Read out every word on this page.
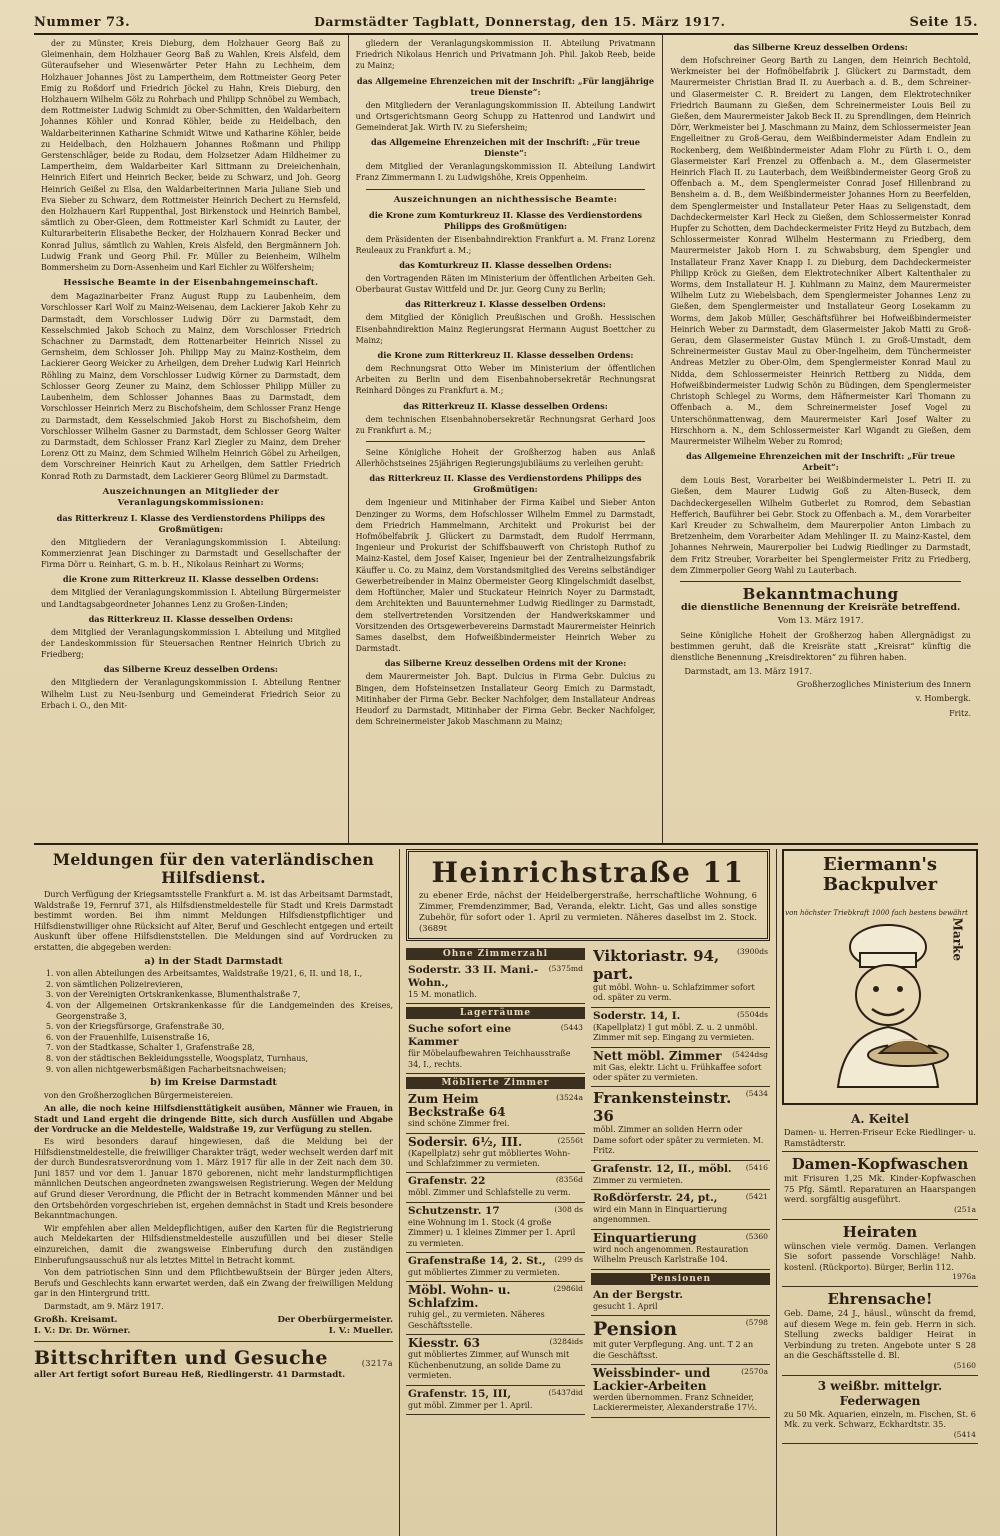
Nummer 73.	Darmstädter Tagblatt, Donnerstag, den 15. März 1917.	Seite 15.

der zu Münster, Kreis Dieburg, dem Holzhauer Georg Baß zu Gleimenhain, dem Holzhauer Georg Baß zu Wahlen, Kreis Alsfeld, dem Güteraufseher und Wiesenwärter Peter Hahn zu Lechheim, dem Holzhauer Johannes Jöst zu Lampertheim, dem Rottmeister Georg Peter Emig zu Roßdorf und Friedrich Jöckel zu Hahn, Kreis Dieburg, den Holzhauern Wilhelm Gölz zu Rohrbach und Philipp Schnöbel zu Wembach, dem Rottmeister Ludwig Schmidt zu Ober-Schmitten, den Waldarbeitern Johannes Köhler und Konrad Köhler, beide zu Heidelbach, den Waldarbeiterinnen Katharine Schmidt Witwe und Katharine Köhler, beide zu Heidelbach, den Holzhauern Johannes Roßmann und Philipp Gerstenschläger, beide zu Rodau, dem Holzsetzer Adam Hildheimer zu Lampertheim, dem Waldarbeiter Karl Sittmann zu Dreieichenhain, Heinrich Eifert und Heinrich Becker, beide zu Schwarz, und Joh. Georg Heinrich Geißel zu Elsa, den Waldarbeiterinnen Maria Juliane Sieb und Eva Sieber zu Schwarz, dem Rottmeister Heinrich Dechert zu Hernsfeld, den Holzhauern Karl Ruppenthal, Jost Birkenstock und Heinrich Bambel, sämtlich zu Ober-Gleen, dem Rottmeister Karl Schmidt zu Lauter, der Kulturarbeiterin Elisabethe Becker, der Holzhauern Konrad Becker und Konrad Julius, sämtlich zu Wahlen, Kreis Alsfeld, den Bergmännern Joh. Ludwig Frank und Georg Phil. Fr. Müller zu Beienheim, Wilhelm Bommersheim zu Dorn-Assenheim und Karl Eichler zu Wölfersheim;

Hessische Beamte in der Eisenbahngemeinschaft.

dem Magazinarbeiter Franz August Rupp zu Laubenheim, dem Vorschlosser Karl Wolf zu Mainz-Weisenau, dem Lackierer Jakob Kehr zu Darmstadt, dem Vorschlosser Ludwig Dörr zu Darmstadt, dem Kesselschmied Jakob Schoch zu Mainz, dem Vorschlosser Friedrich Schachner zu Darmstadt, dem Rottenarbeiter Heinrich Nissel zu Gernsheim, dem Schlosser Joh. Philipp May zu Mainz-Kostheim, dem Lackierer Georg Weicker zu Arheilgen, dem Dreher Ludwig Karl Heinrich Röhling zu Mainz, dem Vorschlosser Ludwig Körner zu Darmstadt, dem Schlosser Georg Zeuner zu Mainz, dem Schlosser Philipp Müller zu Laubenheim, dem Schlosser Johannes Baas zu Darmstadt, dem Vorschlosser Heinrich Merz zu Bischofsheim, dem Schlosser Franz Henge zu Darmstadt, dem Kesselschmied Jakob Horst zu Bischofsheim, dem Vorschlosser Wilhelm Gasner zu Darmstadt, dem Schlosser Georg Walter zu Darmstadt, dem Schlosser Franz Karl Ziegler zu Mainz, dem Dreher Lorenz Ott zu Mainz, dem Schmied Wilhelm Heinrich Göbel zu Arheilgen, dem Vorschreiner Heinrich Kaut zu Arheilgen, dem Sattler Friedrich Konrad Roth zu Darmstadt, dem Lackierer Georg Blümel zu Darmstadt.

Auszeichnungen an Mitglieder der Veranlagungskommissionen:
das Ritterkreuz I. Klasse des Verdienstordens Philipps des Großmütigen:

den Mitgliedern der Veranlagungskommission I. Abteilung: Kommerzienrat Jean Dischinger zu Darmstadt und Gesellschafter der Firma Dörr u. Reinhart, G. m. b. H., Nikolaus Reinhart zu Worms;

die Krone zum Ritterkreuz II. Klasse desselben Ordens:

dem Mitglied der Veranlagungskommission I. Abteilung Bürgermeister und Landtagsabgeordneter Johannes Lenz zu Großen-Linden;

das Ritterkreuz II. Klasse desselben Ordens:

dem Mitglied der Veranlagungskommission I. Abteilung und Mitglied der Landeskommission für Steuersachen Rentner Heinrich Ubrich zu Friedberg;

das Silberne Kreuz desselben Ordens:

den Mitgliedern der Veranlagungskommission I. Abteilung Rentner Wilhelm Lust zu Neu-Isenburg und Gemeinderat Friedrich Seior zu Erbach i. O., den Mit-

gliedern der Veranlagungskommission II. Abteilung Privatmann Friedrich Nikolaus Henrich und Privatmann Joh. Phil. Jakob Reeb, beide zu Mainz;

das Allgemeine Ehrenzeichen mit der Inschrift: „Für langjährige treue Dienste“:

den Mitgliedern der Veranlagungskommission II. Abteilung Landwirt und Ortsgerichtsmann Georg Schupp zu Hattenrod und Landwirt und Gemeinderat Jak. Wirth IV. zu Siefersheim;

das Allgemeine Ehrenzeichen mit der Inschrift: „Für treue Dienste“:

dem Mitglied der Veranlagungskommission II. Abteilung Landwirt Franz Zimmermann I. zu Ludwigshöhe, Kreis Oppenheim.

Auszeichnungen an nichthessische Beamte:
die Krone zum Komturkreuz II. Klasse des Verdienstordens Philipps des Großmütigen:

dem Präsidenten der Eisenbahndirektion Frankfurt a. M. Franz Lorenz Reuleaux zu Frankfurt a. M.;

das Komturkreuz II. Klasse desselben Ordens:

den Vortragenden Räten im Ministerium der öffentlichen Arbeiten Geh. Oberbaurat Gustav Wittfeld und Dr. jur. Georg Cuny zu Berlin;

das Ritterkreuz I. Klasse desselben Ordens:

dem Mitglied der Königlich Preußischen und Großh. Hessischen Eisenbahndirektion Mainz Regierungsrat Hermann August Boettcher zu Mainz;

die Krone zum Ritterkreuz II. Klasse desselben Ordens:

dem Rechnungsrat Otto Weber im Ministerium der öffentlichen Arbeiten zu Berlin und dem Eisenbahnobersekretär Rechnungsrat Reinhard Dönges zu Frankfurt a. M.;

das Ritterkreuz II. Klasse desselben Ordens:

dem technischen Eisenbahnobersekretär Rechnungsrat Gerhard Joos zu Frankfurt a. M.;

Seine Königliche Hoheit der Großherzog haben aus Anlaß Allerhöchstseines 25jährigen Regierungsjubiläums zu verleihen geruht:

das Ritterkreuz II. Klasse des Verdienstordens Philipps des Großmütigen:

dem Ingenieur und Mitinhaber der Firma Kaibel und Sieber Anton Denzinger zu Worms, dem Hofschlosser Wilhelm Emmel zu Darmstadt, dem Friedrich Hammelmann, Architekt und Prokurist bei der Hofmöbelfabrik J. Glückert zu Darmstadt, dem Rudolf Herrmann, Ingenieur und Prokurist der Schiffsbauwerft von Christoph Ruthof zu Mainz-Kastel, dem Josef Kaiser, Ingenieur bei der Zentralheizungsfabrik Käuffer u. Co. zu Mainz, dem Vorstandsmitglied des Vereins selbständiger Gewerbetreibender in Mainz Obermeister Georg Klingelschmidt daselbst, dem Hoftüncher, Maler und Stuckateur Heinrich Noyer zu Darmstadt, dem Architekten und Bauunternehmer Ludwig Riedlinger zu Darmstadt, dem stellvertretenden Vorsitzenden der Handwerkskammer und Vorsitzenden des Ortsgewerbevereins Darmstadt Maurermeister Heinrich Sames daselbst, dem Hofweißbindermeister Heinrich Weber zu Darmstadt.

das Silberne Kreuz desselben Ordens mit der Krone:

dem Maurermeister Joh. Bapt. Dulcius in Firma Gebr. Dulcius zu Bingen, dem Hofsteinsetzen Installateur Georg Emich zu Darmstadt, Mitinhaber der Firma Gebr. Becker Nachfolger, dem Installateur Andreas Heudorf zu Darmstadt, Mitinhaber der Firma Gebr. Becker Nachfolger, dem Schreinermeister Jakob Maschmann zu Mainz;

das Silberne Kreuz desselben Ordens:

dem Hofschreiner Georg Barth zu Langen, dem Heinrich Bechtold, Werkmeister bei der Hofmöbelfabrik J. Glückert zu Darmstadt, dem Maurermeister Christian Brad II. zu Auerbach a. d. B., dem Schreiner- und Glasermeister C. R. Breidert zu Langen, dem Elektrotechniker Friedrich Baumann zu Gießen, dem Schreinermeister Louis Beil zu Gießen, dem Maurermeister Jakob Beck II. zu Sprendlingen, dem Heinrich Dörr, Werkmeister bei J. Maschmann zu Mainz, dem Schlossermeister Jean Engelleitner zu Groß-Gerau, dem Weißbindermeister Adam Endlein zu Rockenberg, dem Weißbindermeister Adam Flohr zu Fürth i. O., dem Glasermeister Karl Frenzel zu Offenbach a. M., dem Glasermeister Heinrich Flach II. zu Lauterbach, dem Weißbindermeister Georg Groß zu Offenbach a. M., dem Spenglermeister Conrad Josef Hillenbrand zu Bensheim a. d. B., dem Weißbindermeister Johannes Horn zu Beerfelden, dem Spenglermeister und Installateur Peter Haas zu Seligenstadt, dem Dachdeckermeister Karl Heck zu Gießen, dem Schlossermeister Konrad Hupfer zu Schotten, dem Dachdeckermeister Fritz Heyd zu Butzbach, dem Schlossermeister Konrad Wilhelm Hestermann zu Friedberg, dem Maurermeister Jakob Horn I. zu Schwabsburg, dem Spengler und Installateur Franz Xaver Knapp I. zu Dieburg, dem Dachdeckermeister Philipp Kröck zu Gießen, dem Elektrotechniker Albert Kaltenthaler zu Worms, dem Installateur H. J. Kuhlmann zu Mainz, dem Maurermeister Wilhelm Lutz zu Wiebelsbach, dem Spenglermeister Johannes Lenz zu Gießen, dem Spenglermeister und Installateur Georg Losekamm zu Worms, dem Jakob Müller, Geschäftsführer bei Hofweißbindermeister Heinrich Weber zu Darmstadt, dem Glasermeister Jakob Matti zu Groß-Gerau, dem Glasermeister Gustav Münch I. zu Groß-Umstadt, dem Schreinermeister Gustav Maul zu Ober-Ingelheim, dem Tünchermeister Andreas Metzler zu Ober-Olm, dem Spenglermeister Konrad Maul zu Nidda, dem Schlossermeister Heinrich Rettberg zu Nidda, dem Hofweißbindermeister Ludwig Schön zu Büdingen, dem Spenglermeister Christoph Schlegel zu Worms, dem Häfnermeister Karl Thomann zu Offenbach a. M., dem Schreinermeister Josef Vogel zu Unterschönmattenwag, dem Maurermeister Karl Josef Walter zu Hirschhorn a. N., dem Schlossermeister Karl Wigandt zu Gießen, dem Maurermeister Wilhelm Weber zu Romrod;

das Allgemeine Ehrenzeichen mit der Inschrift: „Für treue Arbeit“:

dem Louis Best, Vorarbeiter bei Weißbindermeister L. Petri II. zu Gießen, dem Maurer Ludwig Goß zu Alten-Buseck, dem Dachdeckergesellen Wilhelm Gutberlet zu Romrod, dem Sebastian Hefferich, Bauführer bei Gebr. Stock zu Offenbach a. M., dem Vorarbeiter Karl Kreuder zu Schwalheim, dem Maurerpolier Anton Limbach zu Bretzenheim, dem Vorarbeiter Adam Mehlinger II. zu Mainz-Kastel, dem Johannes Nehrwein, Maurerpolier bei Ludwig Riedlinger zu Darmstadt, dem Fritz Streuber, Vorarbeiter bei Spenglermeister Fritz zu Friedberg, dem Zimmerpolier Georg Wahl zu Lauterbach.

Bekanntmachung
die dienstliche Benennung der Kreisräte betreffend.
Vom 13. März 1917.

Seine Königliche Hoheit der Großherzog haben Allergnädigst zu bestimmen geruht, daß die Kreisräte statt „Kreisrat“ künftig die dienstliche Benennung „Kreisdirektoren“ zu führen haben.

Darmstadt, am 13. März 1917.
Großherzogliches Ministerium des Innern
v. Hombergk.
Fritz.
Meldungen für den vaterländischen Hilfsdienst.

Durch Verfügung der Kriegsamtsstelle Frankfurt a. M. ist das Arbeitsamt Darmstadt, Waldstraße 19, Fernruf 371, als Hilfsdienstmeldestelle für Stadt und Kreis Darmstadt bestimmt worden. Bei ihm nimmt Meldungen Hilfsdienstpflichtiger und Hilfsdienstwilliger ohne Rücksicht auf Alter, Beruf und Geschlecht entgegen und erteilt Auskunft über offene Hilfsdienststellen. Die Meldungen sind auf Vordrucken zu erstatten, die abgegeben werden:

a) in der Stadt Darmstadt
1. von allen Abteilungen des Arbeitsamtes, Waldstraße 19/21, 6, II. und 18, I.,
2. von sämtlichen Polizeirevieren,
3. von der Vereinigten Ortskrankenkasse, Blumenthalstraße 7,
4. von der Allgemeinen Ortskrankenkasse für die Landgemeinden des Kreises, Georgenstraße 3,
5. von der Kriegsfürsorge, Grafenstraße 30,
6. von der Frauenhilfe, Luisenstraße 16,
7. von der Stadtkasse, Schalter 1, Grafenstraße 28,
8. von der städtischen Bekleidungsstelle, Woogsplatz, Turnhaus,
9. von allen nichtgewerbsmäßigen Facharbeitsnachweisen;
b) im Kreise Darmstadt

von den Großherzoglichen Bürgermeistereien.

An alle, die noch keine Hilfsdiensttätigkeit ausüben, Männer wie Frauen, in Stadt und Land ergeht die dringende Bitte, sich durch Ausfüllen und Abgabe der Vordrucke an die Meldestelle, Waldstraße 19, zur Verfügung zu stellen.

Es wird besonders darauf hingewiesen, daß die Meldung bei der Hilfsdienstmeldestelle, die freiwilliger Charakter trägt, weder wechselt werden darf mit der durch Bundesratsverordnung vom 1. März 1917 für alle in der Zeit nach dem 30. Juni 1857 und vor dem 1. Januar 1870 geborenen, nicht mehr landsturmpflichtigen männlichen Deutschen angeordneten zwangsweisen Registrierung. Wegen der Meldung auf Grund dieser Verordnung, die Pflicht der in Betracht kommenden Männer und bei den Ortsbehörden vorgeschrieben ist, ergehen demnächst in Stadt und Kreis besondere Bekanntmachungen.

Wir empfehlen aber allen Meldepflichtigen, außer den Karten für die Registrierung auch Meldekarten der Hilfsdienstmeldestelle auszufüllen und bei dieser Stelle einzureichen, damit die zwangsweise Einberufung durch den zuständigen Einberufungsausschuß nur als letztes Mittel in Betracht kommt.

Von dem patriotischen Sinn und dem Pflichtbewußtsein der Bürger jeden Alters, Berufs und Geschlechts kann erwartet werden, daß ein Zwang der freiwilligen Meldung gar in den Hintergrund tritt.

Darmstadt, am 9. März 1917.

Großh. Kreisamt.	Der Oberbürgermeister.
I. V.: Dr. Dr. Wörner.	I. V.: Mueller.
Bittschriften und Gesuche	(3217a
aller Art fertigt sofort Bureau Heß, Riedlingerstr. 41 Darmstadt.
Heinrichstraße 11
zu ebener Erde, nächst der Heidelbergerstraße, herrschaftliche Wohnung, 6 Zimmer, Fremdenzimmer, Bad, Veranda, elektr. Licht, Gas und alles sonstige Zubehör, für sofort oder 1. April zu vermieten. Näheres daselbst im 2. Stock. (3689t
Ohne Zimmerzahl
(5375md
Soderstr. 33 II. Mani.-Wohn.,
15 M. monatlich.
Lagerräume
(5443
Suche sofort eine Kammer
für Möbelaufbewahren Teichhausstraße 34, I., rechts.
Möblierte Zimmer
(3524a
Zum Heim Beckstraße 64
sind schöne Zimmer frei.
(2556t
Sodersir. 6½, III.
(Kapellplatz) sehr gut möbliertes Wohn- und Schlafzimmer zu vermieten.
(8356d
Grafenstr. 22
möbl. Zimmer und Schlafstelle zu verm.
(308 ds
Schutzenstr. 17
eine Wohnung im 1. Stock (4 große Zimmer) u. 1 kleines Zimmer per 1. April zu vermieten.
(299 ds
Grafenstraße 14, 2. St.,
gut möbliertes Zimmer zu vermieten.
(2986ld
Möbl. Wohn- u. Schlafzim.
ruhig gel., zu vermieten. Näheres Geschäftsstelle.
(3284ids
Kiesstr. 63
gut möbliertes Zimmer, auf Wunsch mit Küchenbenutzung, an solide Dame zu vermieten.
(5437did
Grafenstr. 15, III,
gut möbl. Zimmer per 1. April.
(3900ds
Viktoriastr. 94, part.
gut möbl. Wohn- u. Schlafzimmer sofort od. später zu verm.
(5504ds
Soderstr. 14, I.
(Kapellplatz) 1 gut möbl. Z. u. 2 unmöbl. Zimmer mit sep. Eingang zu vermieten.
(5424dsg
Nett möbl. Zimmer
mit Gas, elektr. Licht u. Frühkaffee sofort oder später zu vermieten.
(5434
Frankensteinstr. 36
möbl. Zimmer an soliden Herrn oder Dame sofort oder später zu vermieten. M. Fritz.
(5416
Grafenstr. 12, II., möbl.
Zimmer zu vermieten.
(5421
Roßdörferstr. 24, pt.,
wird ein Mann in Einquartierung angenommen.
(5360
Einquartierung
wird noch angenommen. Restauration Wilhelm Preusch Karlstraße 104.
Pensionen
An der Bergstr.
gesucht 1. April
(5798
Pension
mit guter Verpflegung. Ang. unt. T 2 an die Geschäftsst.
(2570a
Weissbinder- und Lackier-Arbeiten
werden übernommen. Franz Schneider, Lackierermeister, Alexanderstraße 17½.
Eiermann's
Backpulver
von höchster Triebkraft 1000 fach bestens bewährt
Marke
A. Keitel
Damen- u. Herren-Friseur Ecke Riedlinger- u. Ramstädterstr.
Damen-Kopfwaschen
mit Frisuren 1,25 Mk. Kinder-Kopfwaschen 75 Pfg. Sämtl. Reparaturen an Haarspangen werd. sorgfältig ausgeführt.
(251a
Heiraten
wünschen viele vermög. Damen. Verlangen Sie sofort passende Vorschläge! Nahb. kostenl. (Rückporto). Bürger, Berlin 112.
1976a
Ehrensache!
Geb. Dame, 24 J., häusl., wünscht da fremd, auf diesem Wege m. fein geb. Herrn in sich. Stellung zwecks baldiger Heirat in Verbindung zu treten. Angebote unter S 28 an die Geschäftsstelle d. Bl.
(5160
3 weißbr. mittelgr. Federwagen
zu 50 Mk. Aquarien, einzeln, m. Fischen, St. 6 Mk. zu verk. Schwarz, Eckhardtstr. 35.
(5414
